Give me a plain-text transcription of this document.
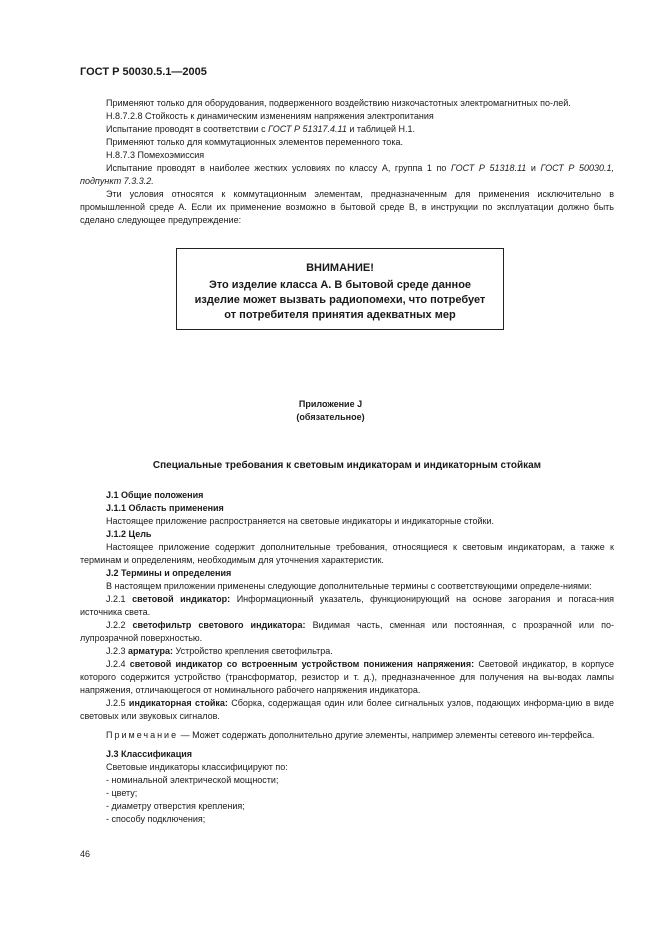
ГОСТ Р 50030.5.1—2005

Применяют только для оборудования, подверженного воздействию низкочастотных электромагнитных по-лей.

H.8.7.2.8 Стойкость к динамическим изменениям напряжения электропитания

Испытание проводят в соответствии с ГОСТ Р 51317.4.11 и таблицей H.1.

Применяют только для коммутационных элементов переменного тока.

H.8.7.3 Помехоэмиссия

Испытание проводят в наиболее жестких условиях по классу A, группа 1 по ГОСТ Р 51318.11 и ГОСТ Р 50030.1, подпункт 7.3.3.2.

Эти условия относятся к коммутационным элементам, предназначенным для применения исключительно в промышленной среде A. Если их применение возможно в бытовой среде B, в инструкции по эксплуатации должно быть сделано следующее предупреждение:

ВНИМАНИЕ!
Это изделие класса A. В бытовой среде данное
изделие может вызвать радиопомехи, что потребует
от потребителя принятия адекватных мер
Приложение J
(обязательное)
Специальные требования к световым индикаторам и индикаторным стойкам

J.1 Общие положения

J.1.1 Область применения

Настоящее приложение распространяется на световые индикаторы и индикаторные стойки.

J.1.2 Цель

Настоящее приложение содержит дополнительные требования, относящиеся к световым индикаторам, а также к терминам и определениям, необходимым для уточнения характеристик.

J.2 Термины и определения

В настоящем приложении применены следующие дополнительные термины с соответствующими определе-ниями:

J.2.1 световой индикатор: Информационный указатель, функционирующий на основе загорания и погаса-ния источника света.

J.2.2 светофильтр светового индикатора: Видимая часть, сменная или постоянная, с прозрачной или по-лупрозрачной поверхностью.

J.2.3 арматура: Устройство крепления светофильтра.

J.2.4 световой индикатор со встроенным устройством понижения напряжения: Световой индикатор, в корпусе которого содержится устройство (трансформатор, резистор и т. д.), предназначенное для получения на вы-водах лампы напряжения, отличающегося от номинального рабочего напряжения индикатора.

J.2.5 индикаторная стойка: Сборка, содержащая один или более сигнальных узлов, подающих информа-цию в виде световых или звуковых сигналов.

Примечание — Может содержать дополнительно другие элементы, например элементы сетевого ин-терфейса.

J.3 Классификация

Световые индикаторы классифицируют по:

- номинальной электрической мощности;

- цвету;

- диаметру отверстия крепления;

- способу подключения;

46
